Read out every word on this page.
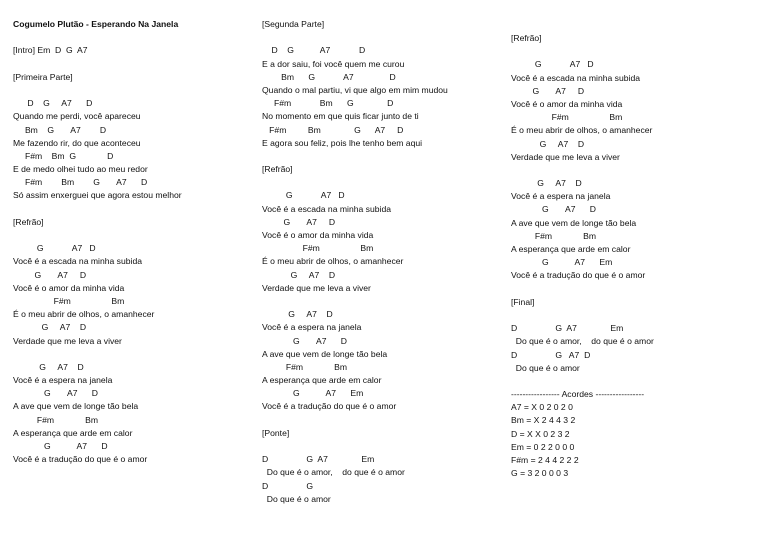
Cogumelo Plutão - Esperando Na Janela
[Intro] Em  D  G  A7
[Primeira Parte]
D    G     A7      D
Quando me perdi, você apareceu
Bm    G       A7        D
Me fazendo rir, do que aconteceu
F#m    Bm  G             D
E de medo olhei tudo ao meu redor
F#m        Bm        G       A7      D
Só assim enxerguei que agora estou melhor
[Refrão]
G            A7   D
Você é a escada na minha subida
G       A7     D
Você é o amor da minha vida
F#m                 Bm
É o meu abrir de olhos, o amanhecer
G     A7    D
Verdade que me leva a viver
G     A7    D
Você é a espera na janela
G       A7      D
A ave que vem de longe tão bela
F#m             Bm
A esperança que arde em calor
G           A7      D
Você é a tradução do que é o amor
[Segunda Parte]
D    G           A7            D
E a dor saiu, foi você quem me curou
Bm      G            A7               D
Quando o mal partiu, vi que algo em mim mudou
F#m            Bm      G              D
No momento em que quis ficar junto de ti
F#m         Bm              G      A7     D
E agora sou feliz, pois lhe tenho bem aqui
[Refrão]
G            A7   D
Você é a escada na minha subida
G       A7     D
Você é o amor da minha vida
F#m                 Bm
É o meu abrir de olhos, o amanhecer
G     A7    D
Verdade que me leva a viver
G     A7    D
Você é a espera na janela
G       A7      D
A ave que vem de longe tão bela
F#m             Bm
A esperança que arde em calor
G           A7      Em
Você é a tradução do que é o amor
[Ponte]
D                G  A7              Em
Do que é o amor,    do que é o amor
D                G
Do que é o amor
[Refrão]
G            A7   D
Você é a escada na minha subida
G       A7     D
Você é o amor da minha vida
F#m                 Bm
É o meu abrir de olhos, o amanhecer
G     A7    D
Verdade que me leva a viver
G     A7    D
Você é a espera na janela
G       A7      D
A ave que vem de longe tão bela
F#m             Bm
A esperança que arde em calor
G           A7      Em
Você é a tradução do que é o amor
[Final]
D                G  A7              Em
Do que é o amor,    do que é o amor
D                G   A7  D
Do que é o amor
----------------- Acordes -----------------
A7 = X 0 2 0 2 0
Bm = X 2 4 4 3 2
D = X X 0 2 3 2
Em = 0 2 2 0 0 0
F#m = 2 4 4 2 2 2
G = 3 2 0 0 0 3
